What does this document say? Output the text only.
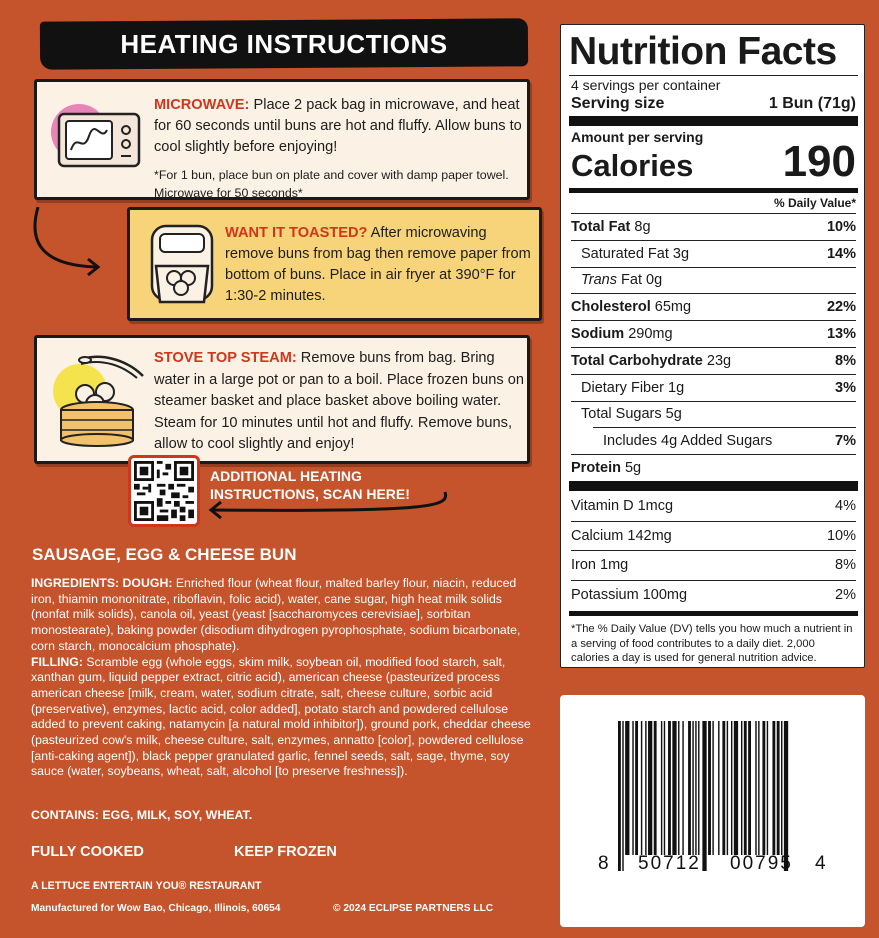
HEATING INSTRUCTIONS
MICROWAVE: Place 2 pack bag in microwave, and heat for 60 seconds until buns are hot and fluffy. Allow buns to cool slightly before enjoying!
*For 1 bun, place bun on plate and cover with damp paper towel. Microwave for 50 seconds*
WANT IT TOASTED? After microwaving remove buns from bag then remove paper from bottom of buns. Place in air fryer at 390°F for 1:30-2 minutes.
STOVE TOP STEAM: Remove buns from bag. Bring water in a large pot or pan to a boil. Place frozen buns on steamer basket and place basket above boiling water. Steam for 10 minutes until hot and fluffy. Remove buns, allow to cool slightly and enjoy!
ADDITIONAL HEATING
INSTRUCTIONS, SCAN HERE!
SAUSAGE, EGG & CHEESE BUN
INGREDIENTS: DOUGH: Enriched flour (wheat flour, malted barley flour, niacin, reduced iron, thiamin mononitrate, riboflavin, folic acid), water, cane sugar, high heat milk solids (nonfat milk solids), canola oil, yeast (yeast [saccharomyces cerevisiae], sorbitan monostearate), baking powder (disodium dihydrogen pyrophosphate, sodium bicarbonate, corn starch, monocalcium phosphate).
FILLING: Scramble egg (whole eggs, skim milk, soybean oil, modified food starch, salt, xanthan gum, liquid pepper extract, citric acid), american cheese (pasteurized process american cheese [milk, cream, water, sodium citrate, salt, cheese culture, sorbic acid (preservative), enzymes, lactic acid, color added], potato starch and powdered cellulose added to prevent caking, natamycin [a natural mold inhibitor]), ground pork, cheddar cheese (pasteurized cow's milk, cheese culture, salt, enzymes, annatto [color], powdered cellulose [anti-caking agent]), black pepper granulated garlic, fennel seeds, salt, sage, thyme, soy sauce (water, soybeans, wheat, salt, alcohol [to preserve freshness]).
CONTAINS: EGG, MILK, SOY, WHEAT.
FULLY COOKED	KEEP FROZEN
A LETTUCE ENTERTAIN YOU® RESTAURANT
Manufactured for Wow Bao, Chicago, Illinois, 60654	© 2024 ECLIPSE PARTNERS LLC
Nutrition Facts
4 servings per container
Serving size	1 Bun (71g)
Amount per serving
Calories 190
% Daily Value*
Total Fat 8g	10%
Saturated Fat 3g	14%
Trans Fat 0g
Cholesterol 65mg	22%
Sodium 290mg	13%
Total Carbohydrate 23g	8%
Dietary Fiber 1g	3%
Total Sugars 5g
Includes 4g Added Sugars	7%
Protein 5g
Vitamin D 1mcg	4%
Calcium 142mg	10%
Iron 1mg	8%
Potassium 100mg	2%
*The % Daily Value (DV) tells you how much a nutrient in a serving of food contributes to a daily diet. 2,000 calories a day is used for general nutrition advice.
8 50712 00795 4
